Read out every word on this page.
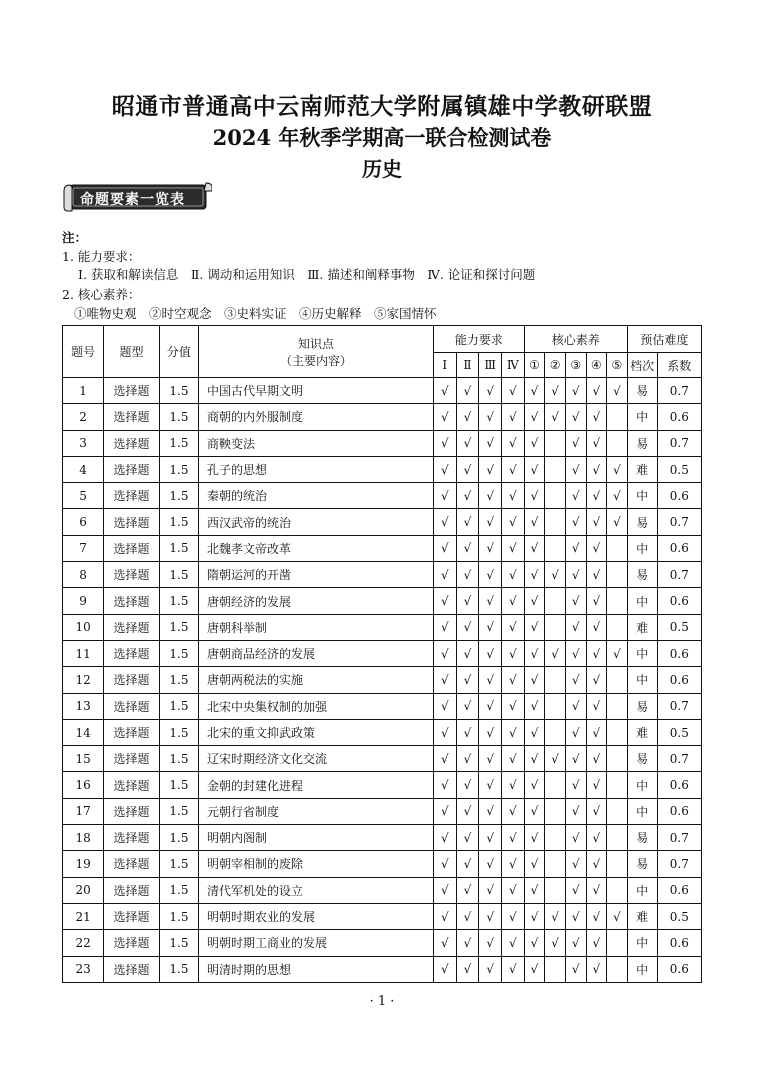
昭通市普通高中云南师范大学附属镇雄中学教研联盟
2024 年秋季学期高一联合检测试卷
历史
命题要素一览表
注：
1. 能力要求：
Ⅰ. 获取和解读信息　Ⅱ. 调动和运用知识　Ⅲ. 描述和阐释事物　Ⅳ. 论证和探讨问题
2. 核心素养：
①唯物史观　②时空观念　③史料实证　④历史解释　⑤家国情怀
题号	题型	分值	知识点
（主要内容）	能力要求				核心素养					预估难度	
				Ⅰ	Ⅱ	Ⅲ	Ⅳ	①	②	③	④	⑤	档次	系数
1	选择题	1.5	中国古代早期文明	√	√	√	√	√	√	√	√	√	易	0.7
2	选择题	1.5	商朝的内外服制度	√	√	√	√	√	√	√	√		中	0.6
3	选择题	1.5	商鞅变法	√	√	√	√	√		√	√		易	0.7
4	选择题	1.5	孔子的思想	√	√	√	√	√		√	√	√	难	0.5
5	选择题	1.5	秦朝的统治	√	√	√	√	√		√	√	√	中	0.6
6	选择题	1.5	西汉武帝的统治	√	√	√	√	√		√	√	√	易	0.7
7	选择题	1.5	北魏孝文帝改革	√	√	√	√	√		√	√		中	0.6
8	选择题	1.5	隋朝运河的开凿	√	√	√	√	√	√	√	√		易	0.7
9	选择题	1.5	唐朝经济的发展	√	√	√	√	√		√	√		中	0.6
10	选择题	1.5	唐朝科举制	√	√	√	√	√		√	√		难	0.5
11	选择题	1.5	唐朝商品经济的发展	√	√	√	√	√	√	√	√	√	中	0.6
12	选择题	1.5	唐朝两税法的实施	√	√	√	√	√		√	√		中	0.6
13	选择题	1.5	北宋中央集权制的加强	√	√	√	√	√		√	√		易	0.7
14	选择题	1.5	北宋的重文抑武政策	√	√	√	√	√		√	√		难	0.5
15	选择题	1.5	辽宋时期经济文化交流	√	√	√	√	√	√	√	√		易	0.7
16	选择题	1.5	金朝的封建化进程	√	√	√	√	√		√	√		中	0.6
17	选择题	1.5	元朝行省制度	√	√	√	√	√		√	√		中	0.6
18	选择题	1.5	明朝内阁制	√	√	√	√	√		√	√		易	0.7
19	选择题	1.5	明朝宰相制的废除	√	√	√	√	√		√	√		易	0.7
20	选择题	1.5	清代军机处的设立	√	√	√	√	√		√	√		中	0.6
21	选择题	1.5	明朝时期农业的发展	√	√	√	√	√	√	√	√	√	难	0.5
22	选择题	1.5	明朝时期工商业的发展	√	√	√	√	√	√	√	√		中	0.6
23	选择题	1.5	明清时期的思想	√	√	√	√	√		√	√		中	0.6
· 1 ·
